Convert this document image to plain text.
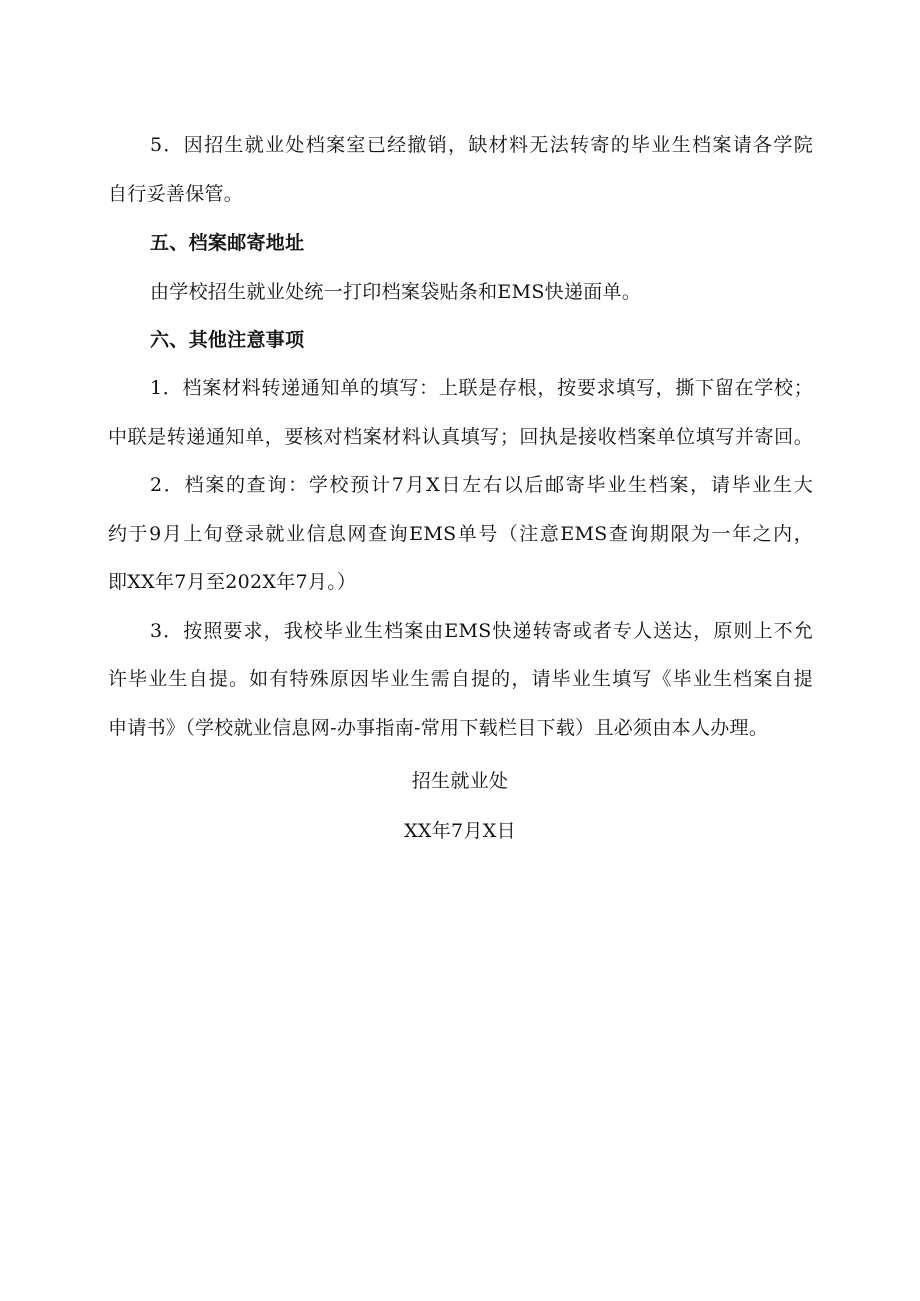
5．因招生就业处档案室已经撤销，缺材料无法转寄的毕业生档案请各学院
自行妥善保管。
五、档案邮寄地址
由学校招生就业处统一打印档案袋贴条和EMS快递面单。
六、其他注意事项
1．档案材料转递通知单的填写：上联是存根，按要求填写，撕下留在学校；
中联是转递通知单，要核对档案材料认真填写；回执是接收档案单位填写并寄回。
2．档案的查询：学校预计7月X日左右以后邮寄毕业生档案，请毕业生大
约于9月上旬登录就业信息网查询EMS单号（注意EMS查询期限为一年之内，
即XX年7月至202X年7月。）
3．按照要求，我校毕业生档案由EMS快递转寄或者专人送达，原则上不允
许毕业生自提。如有特殊原因毕业生需自提的，请毕业生填写《毕业生档案自提
申请书》（学校就业信息网-办事指南-常用下载栏目下载）且必须由本人办理。
招生就业处
XX年7月X日
